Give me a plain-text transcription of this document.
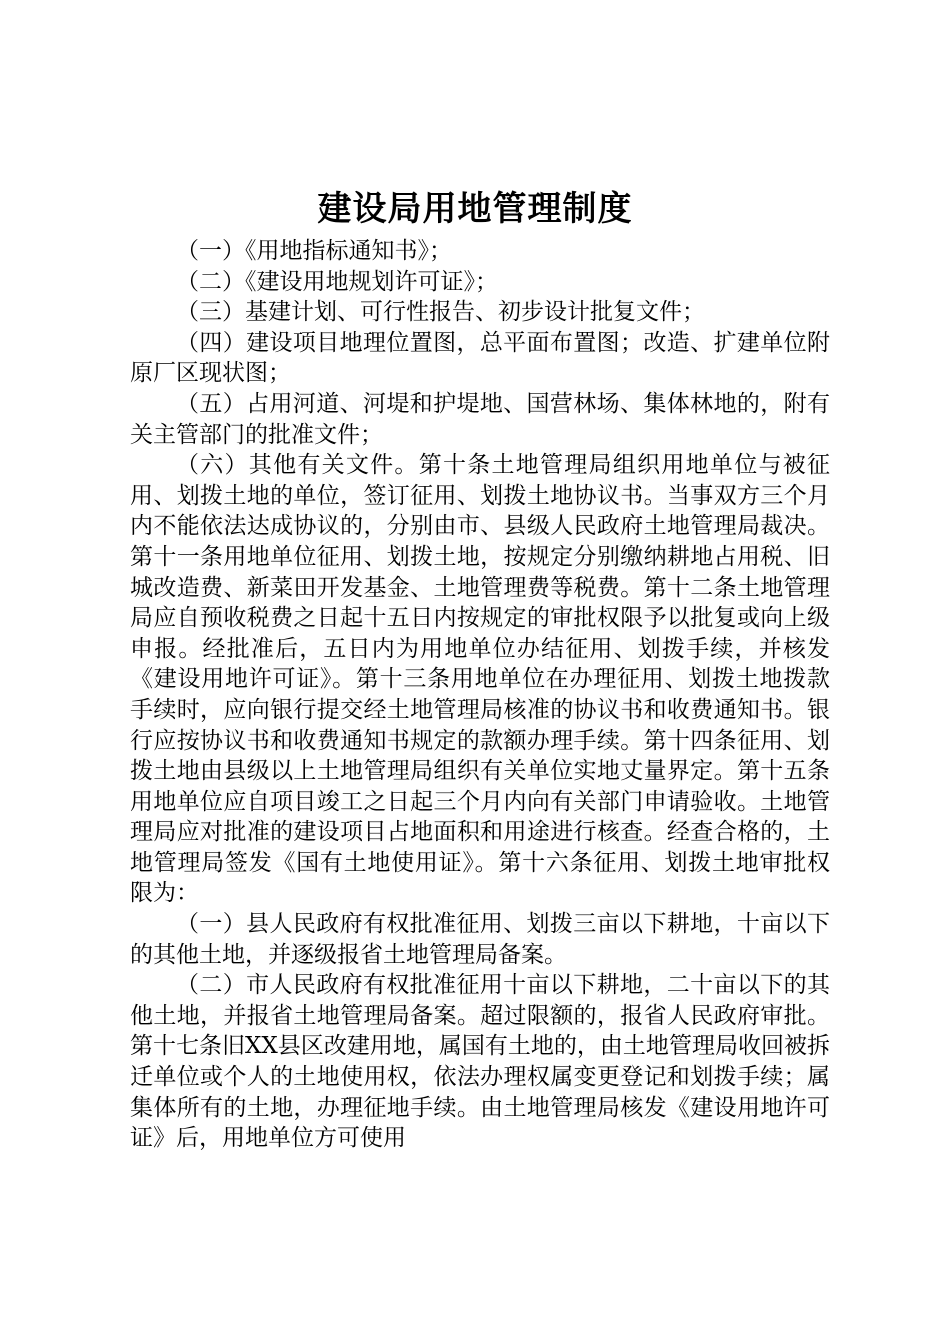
建设局用地管理制度

（一）《用地指标通知书》；

（二）《建设用地规划许可证》；

（三）基建计划、可行性报告、初步设计批复文件；

（四）建设项目地理位置图，总平面布置图；改造、扩建单位附原厂区现状图；

（五）占用河道、河堤和护堤地、国营林场、集体林地的，附有关主管部门的批准文件；

（六）其他有关文件。第十条土地管理局组织用地单位与被征用、划拨土地的单位，签订征用、划拨土地协议书。当事双方三个月内不能依法达成协议的，分别由市、县级人民政府土地管理局裁决。第十一条用地单位征用、划拨土地，按规定分别缴纳耕地占用税、旧城改造费、新菜田开发基金、土地管理费等税费。第十二条土地管理局应自预收税费之日起十五日内按规定的审批权限予以批复或向上级申报。经批准后，五日内为用地单位办结征用、划拨手续，并核发《建设用地许可证》。第十三条用地单位在办理征用、划拨土地拨款手续时，应向银行提交经土地管理局核准的协议书和收费通知书。银行应按协议书和收费通知书规定的款额办理手续。第十四条征用、划拨土地由县级以上土地管理局组织有关单位实地丈量界定。第十五条用地单位应自项目竣工之日起三个月内向有关部门申请验收。土地管理局应对批准的建设项目占地面积和用途进行核查。经查合格的，土地管理局签发《国有土地使用证》。第十六条征用、划拨土地审批权限为：

（一）县人民政府有权批准征用、划拨三亩以下耕地，十亩以下的其他土地，并逐级报省土地管理局备案。

（二）市人民政府有权批准征用十亩以下耕地，二十亩以下的其他土地，并报省土地管理局备案。超过限额的，报省人民政府审批。第十七条旧XX县区改建用地，属国有土地的，由土地管理局收回被拆迁单位或个人的土地使用权，依法办理权属变更登记和划拨手续；属集体所有的土地，办理征地手续。由土地管理局核发《建设用地许可证》后，用地单位方可使用
